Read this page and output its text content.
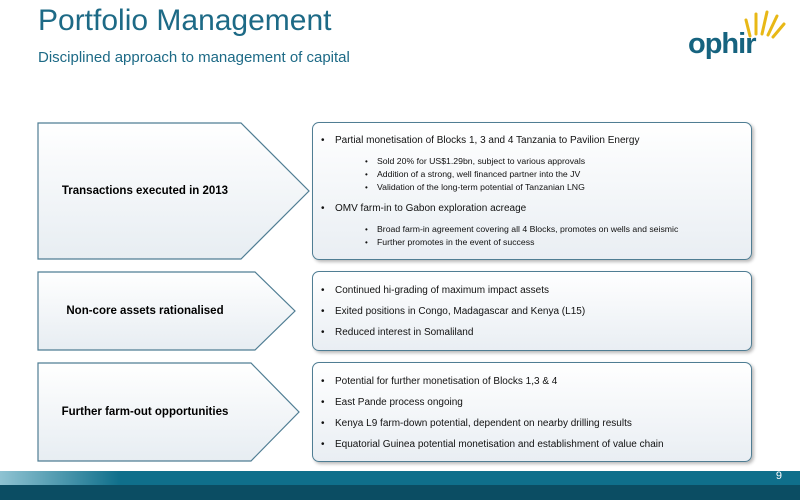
Portfolio Management
Disciplined approach to management of capital	ophir
Transactions executed in 2013
• Partial monetisation of Blocks 1, 3 and 4 Tanzania to Pavilion Energy
• Sold 20% for US$1.29bn, subject to various approvals
• Addition of a strong, well financed partner into the JV
• Validation of the long-term potential of Tanzanian LNG
• OMV farm-in to Gabon exploration acreage
• Broad farm-in agreement covering all 4 Blocks, promotes on wells and seismic
• Further promotes in the event of success
Non-core assets rationalised
• Continued hi-grading of maximum impact assets
• Exited positions in Congo, Madagascar and Kenya (L15)
• Reduced interest in Somaliland
Further farm-out opportunities
• Potential for further monetisation of Blocks 1,3 & 4
• East Pande process ongoing
• Kenya L9 farm-down potential, dependent on nearby drilling results
• Equatorial Guinea potential monetisation and establishment of value chain
9
